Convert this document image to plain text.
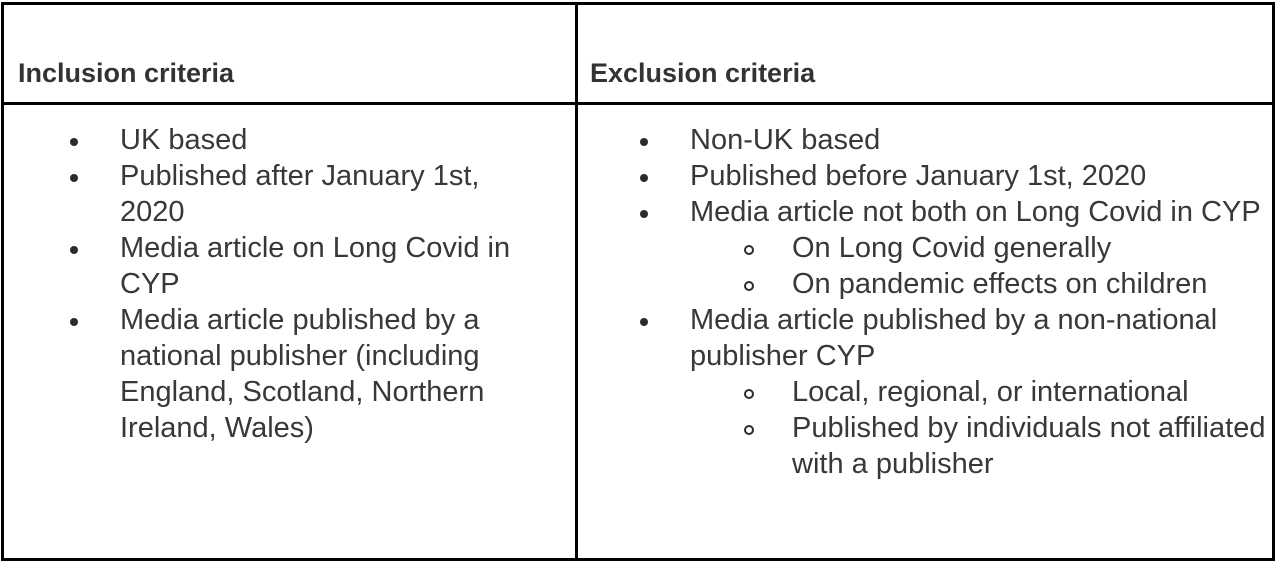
Inclusion criteria	Exclusion criteria
UK based
Published after January 1st, 2020
Media article on Long Covid in CYP
Media article published by a national publisher (including England, Scotland, Northern Ireland, Wales)
Non-UK based
Published before January 1st, 2020
Media article not both on Long Covid in CYP
On Long Covid generally
On pandemic effects on children
Media article published by a non-national publisher CYP
Local, regional, or international
Published by individuals not affiliated with a publisher
